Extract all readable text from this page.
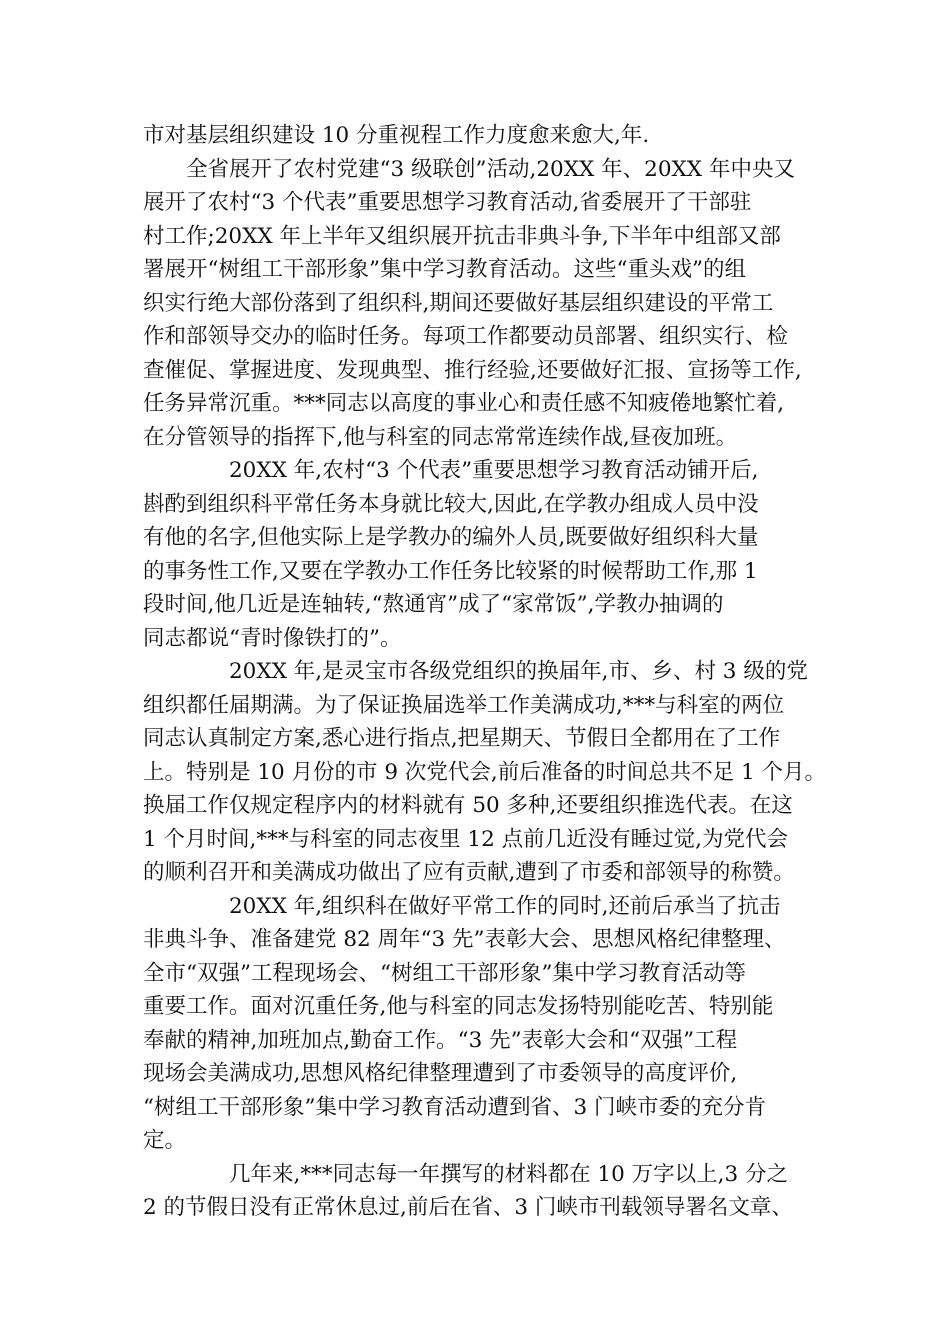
市对基层组织建设 10 分重视程工作力度愈来愈大,年.
　　全省展开了农村党建“3 级联创”活动,20XX 年、20XX 年中央又
展开了农村“3 个代表”重要思想学习教育活动,省委展开了干部驻
村工作;20XX 年上半年又组织展开抗击非典斗争,下半年中组部又部
署展开“树组工干部形象”集中学习教育活动。这些“重头戏”的组
织实行绝大部份落到了组织科,期间还要做好基层组织建设的平常工
作和部领导交办的临时任务。每项工作都要动员部署、组织实行、检
查催促、掌握进度、发现典型、推行经验,还要做好汇报、宣扬等工作,
任务异常沉重。***同志以高度的事业心和责任感不知疲倦地繁忙着,
在分管领导的指挥下,他与科室的同志常常连续作战,昼夜加班。
　　　　20XX 年,农村“3 个代表”重要思想学习教育活动铺开后,
斟酌到组织科平常任务本身就比较大,因此,在学教办组成人员中没
有他的名字,但他实际上是学教办的编外人员,既要做好组织科大量
的事务性工作,又要在学教办工作任务比较紧的时候帮助工作,那 1
段时间,他几近是连轴转,“熬通宵”成了“家常饭”,学教办抽调的
同志都说“青时像铁打的”。
　　　　20XX 年,是灵宝市各级党组织的换届年,市、乡、村 3 级的党
组织都任届期满。为了保证换届选举工作美满成功,***与科室的两位
同志认真制定方案,悉心进行指点,把星期天、节假日全都用在了工作
上。特别是 10 月份的市 9 次党代会,前后准备的时间总共不足 1 个月。
换届工作仅规定程序内的材料就有 50 多种,还要组织推选代表。在这
1 个月时间,***与科室的同志夜里 12 点前几近没有睡过觉,为党代会
的顺利召开和美满成功做出了应有贡献,遭到了市委和部领导的称赞。
　　　　20XX 年,组织科在做好平常工作的同时,还前后承当了抗击
非典斗争、准备建党 82 周年“3 先”表彰大会、思想风格纪律整理、
全市“双强”工程现场会、“树组工干部形象”集中学习教育活动等
重要工作。面对沉重任务,他与科室的同志发扬特别能吃苦、特别能
奉献的精神,加班加点,勤奋工作。“3 先”表彰大会和“双强”工程
现场会美满成功,思想风格纪律整理遭到了市委领导的高度评价,
“树组工干部形象”集中学习教育活动遭到省、3 门峡市委的充分肯
定。
　　　　几年来,***同志每一年撰写的材料都在 10 万字以上,3 分之
2 的节假日没有正常休息过,前后在省、3 门峡市刊载领导署名文章、
